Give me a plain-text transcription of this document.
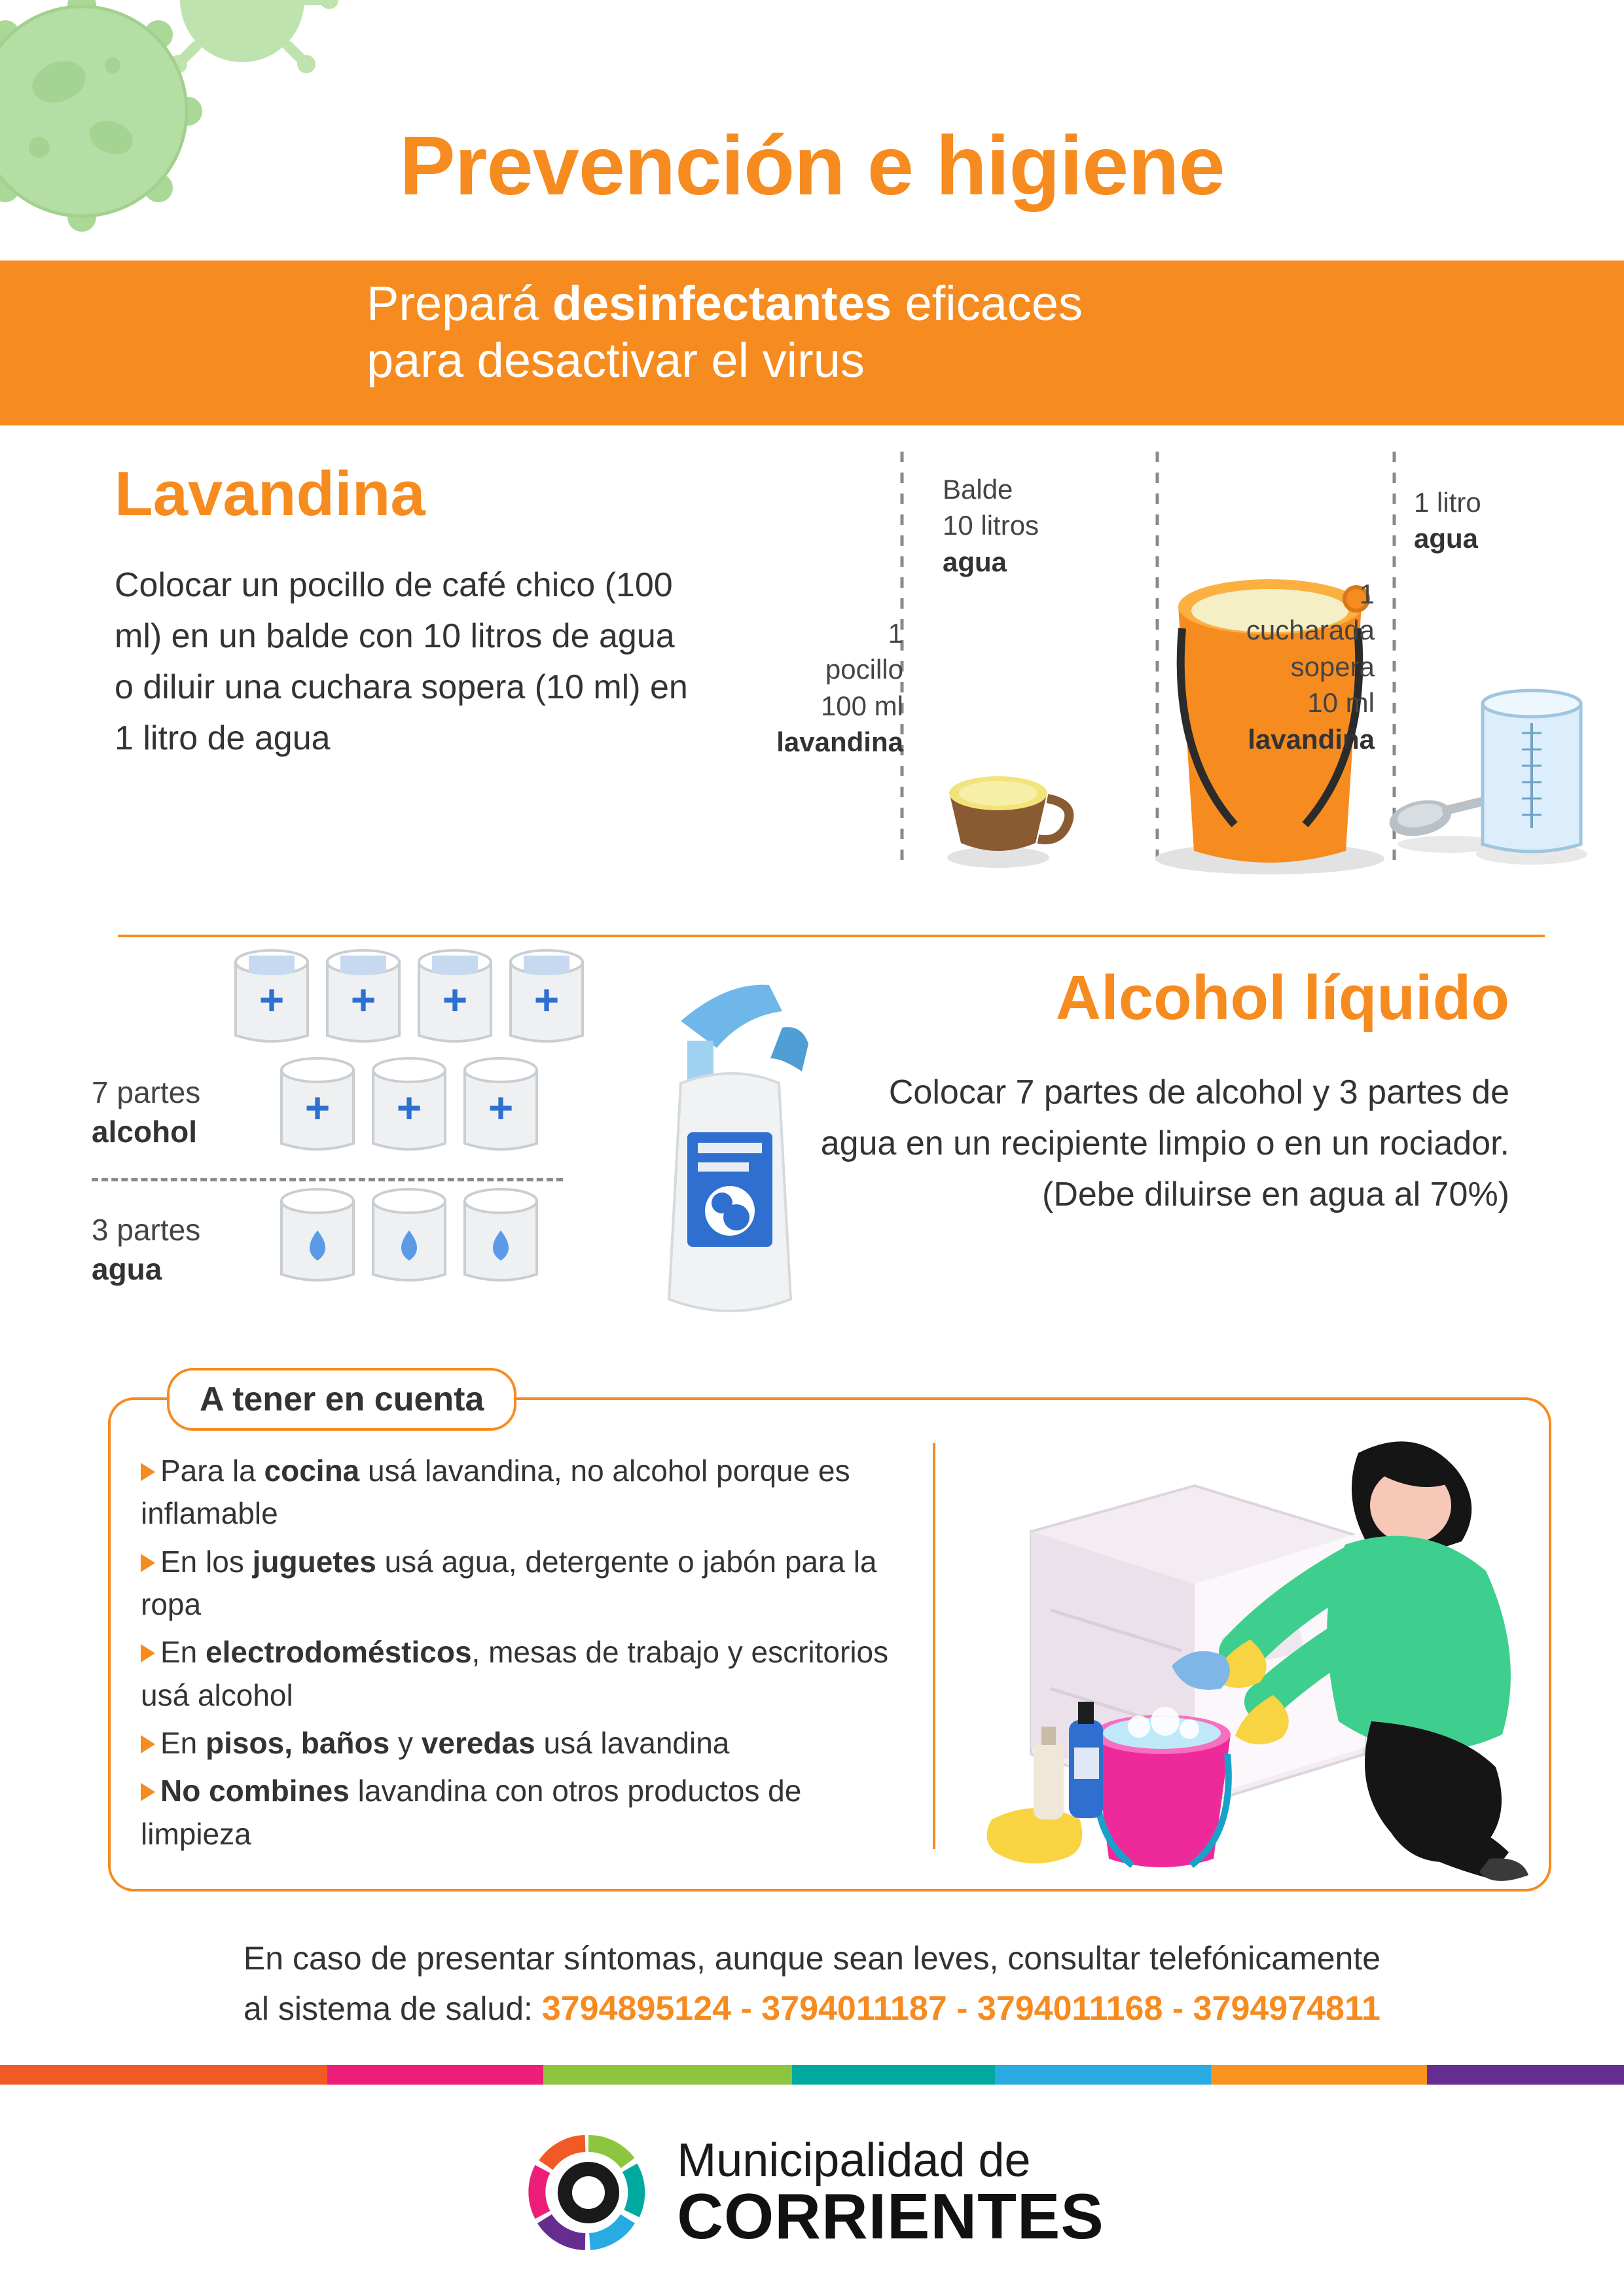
Prevención e higiene
Prepará desinfectantes eficaces
para desactivar el virus
Lavandina
Colocar un pocillo de café chico (100 ml) en un balde con 10 litros de agua o diluir una cuchara sopera (10 ml) en 1 litro de agua
1
pocillo
100 ml
lavandina
Balde
10 litros
agua
1
cucharada
sopera
10 ml
lavandina
1 litro
agua
Alcohol líquido
Colocar 7 partes de alcohol y 3 partes de agua en un recipiente limpio o en un rociador. (Debe diluirse en agua al 70%)
7 partes
alcohol
3 partes
agua
+ + + +
+ + +
A tener en cuenta
Para la cocina usá lavandina, no alcohol porque es inflamable
En los juguetes usá agua, detergente o jabón para la ropa
En electrodomésticos, mesas de trabajo y escritorios usá alcohol
En pisos, baños y veredas usá lavandina
No combines lavandina con otros productos de limpieza
En caso de presentar síntomas, aunque sean leves, consultar telefónicamente
al sistema de salud: 3794895124 - 3794011187 - 3794011168 - 3794974811
Municipalidad de
CORRIENTES
